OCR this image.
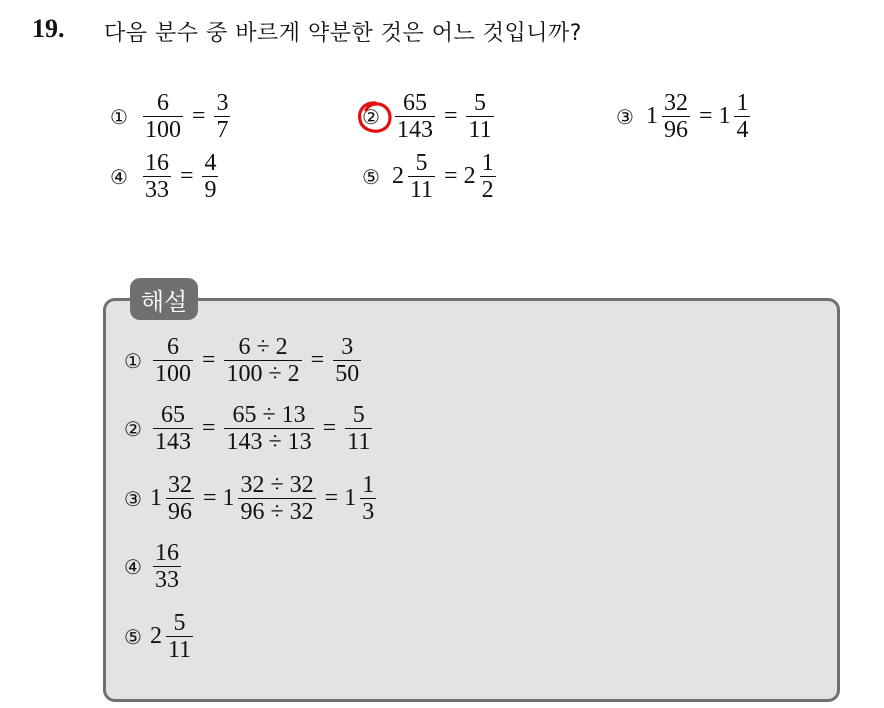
19. 다음 분수 중 바르게 약분한 것은 어느 것입니까?
① $\frac{6}{100} = \frac{3}{7}$	② $\frac{65}{143} = \frac{5}{11}$	③ $1 \frac{32}{96} = 1 \frac{1}{4}$
④ $\frac{16}{33} = \frac{4}{9}$	⑤ $2 \frac{5}{11} = 2 \frac{1}{2}$
해설
① $\frac{6}{100} = \frac{6 \div 2}{100 \div 2} = \frac{3}{50}$
② $\frac{65}{143} = \frac{65 \div 13}{143 \div 13} = \frac{5}{11}$
③ $1 \frac{32}{96} = 1 \frac{32 \div 32}{96 \div 32} = 1 \frac{1}{3}$
④ $\frac{16}{33}$
⑤ $2 \frac{5}{11}$
